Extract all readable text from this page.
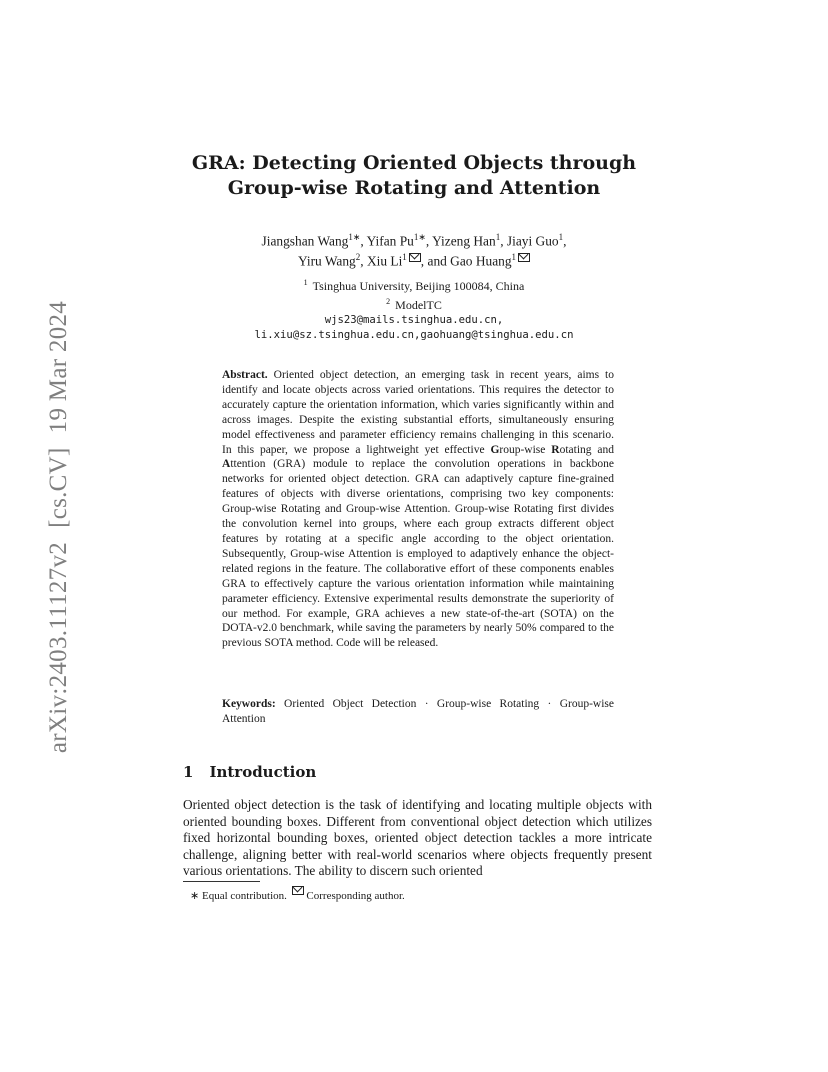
arXiv:2403.11127v2[cs.CV]19 Mar 2024
GRA: Detecting Oriented Objects through
Group-wise Rotating and Attention
Jiangshan Wang$^{1∗}$, Yifan $Pu^{1∗}$, Yizeng Han$^1$, Jiayi Guo$^1$,
Yiru Wang$^2$, Xiu Li$^1$ , and Gao Huang$^1$
$^1$ Tsinghua University, Beijing 100084, China
$^2$ ModelTC
wjs23@mails.tsinghua.edu.cn,
li.xiu@sz.tsinghua.edu.cn,gaohuang@tsinghua.edu.cn
Abstract. Oriented object detection, an emerging task in recent years, aims to identify and locate objects across varied orientations. This requires the detector to accurately capture the orientation information, which varies significantly within and across images. Despite the existing substantial efforts, simultaneously ensuring model effectiveness and parameter efficiency remains challenging in this scenario. In this paper, we propose a lightweight yet effective Group-wise Rotating and Attention (GRA) module to replace the convolution operations in backbone networks for oriented object detection. GRA can adaptively capture fine-grained features of objects with diverse orientations, comprising two key components: Group-wise Rotating and Group-wise Attention. Group-wise Rotating first divides the convolution kernel into groups, where each group extracts different object features by rotating at a specific angle according to the object orientation. Subsequently, Group-wise Attention is employed to adaptively enhance the object-related regions in the feature. The collaborative effort of these components enables GRA to effectively capture the various orientation information while maintaining parameter efficiency. Extensive experimental results demonstrate the superiority of our method. For example, GRA achieves a new state-of-the-art (SOTA) on the DOTA-v2.0 benchmark, while saving the parameters by nearly 50% compared to the previous SOTA method. Code will be released.
Keywords: Oriented Object Detection · Group-wise Rotating · Group-wise Attention
1 Introduction
Oriented object detection is the task of identifying and locating multiple objects with oriented bounding boxes. Different from conventional object detection which utilizes fixed horizontal bounding boxes, oriented object detection tackles a more intricate challenge, aligning better with real-world scenarios where objects frequently present various orientations. The ability to discern such oriented
∗ Equal contribution. Corresponding author.
